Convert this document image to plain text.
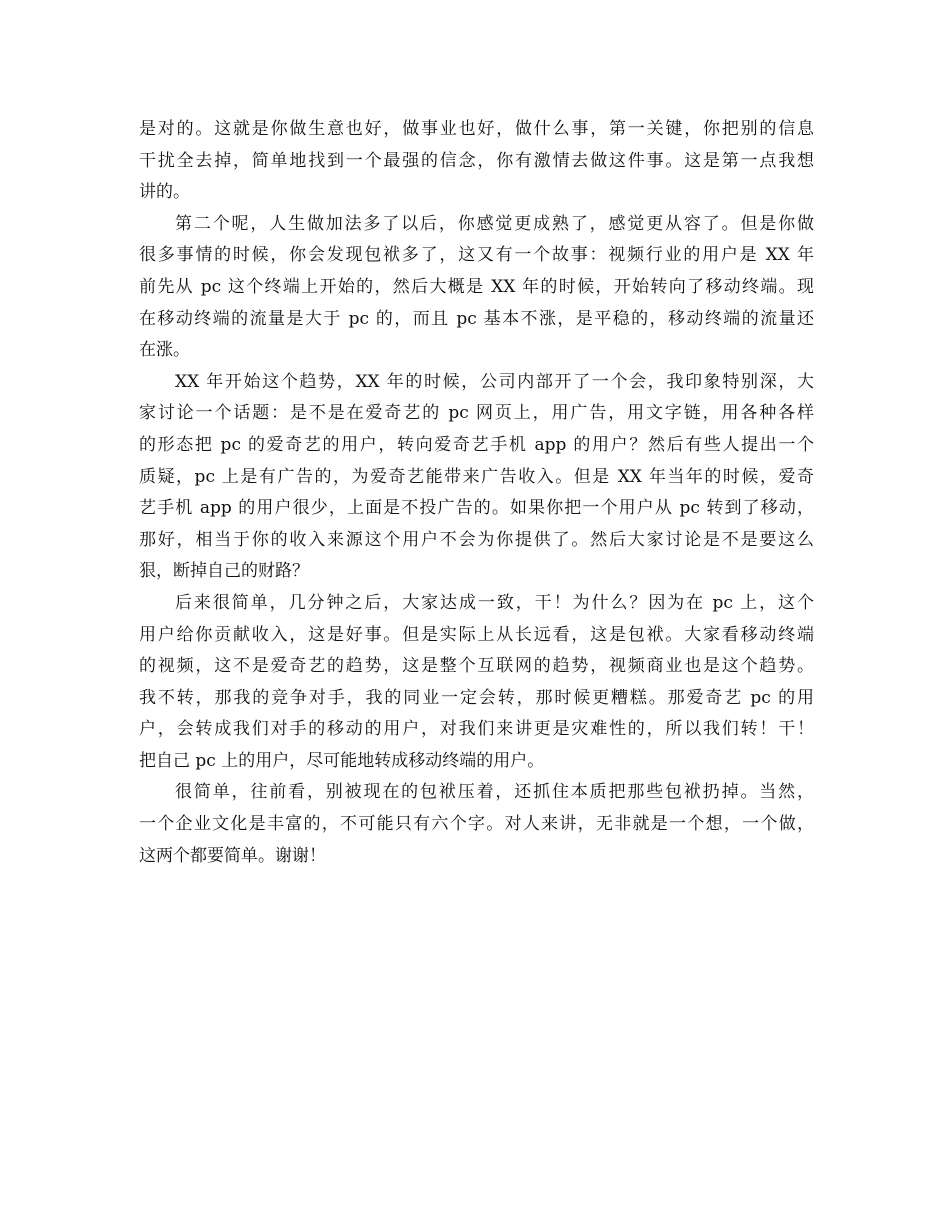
是对的。这就是你做生意也好，做事业也好，做什么事，第一关键，你把别的信息
干扰全去掉，简单地找到一个最强的信念，你有激情去做这件事。这是第一点我想
讲的。
第二个呢，人生做加法多了以后，你感觉更成熟了，感觉更从容了。但是你做
很多事情的时候，你会发现包袱多了，这又有一个故事：视频行业的用户是 XX 年
前先从 pc 这个终端上开始的，然后大概是 XX 年的时候，开始转向了移动终端。现
在移动终端的流量是大于 pc 的，而且 pc 基本不涨，是平稳的，移动终端的流量还
在涨。
XX 年开始这个趋势，XX 年的时候，公司内部开了一个会，我印象特别深，大
家讨论一个话题：是不是在爱奇艺的 pc 网页上，用广告，用文字链，用各种各样
的形态把 pc 的爱奇艺的用户，转向爱奇艺手机 app 的用户？然后有些人提出一个
质疑，pc 上是有广告的，为爱奇艺能带来广告收入。但是 XX 年当年的时候，爱奇
艺手机 app 的用户很少，上面是不投广告的。如果你把一个用户从 pc 转到了移动，
那好，相当于你的收入来源这个用户不会为你提供了。然后大家讨论是不是要这么
狠，断掉自己的财路？
后来很简单，几分钟之后，大家达成一致，干！为什么？因为在 pc 上，这个
用户给你贡献收入，这是好事。但是实际上从长远看，这是包袱。大家看移动终端
的视频，这不是爱奇艺的趋势，这是整个互联网的趋势，视频商业也是这个趋势。
我不转，那我的竞争对手，我的同业一定会转，那时候更糟糕。那爱奇艺 pc 的用
户，会转成我们对手的移动的用户，对我们来讲更是灾难性的，所以我们转！干！
把自己 pc 上的用户，尽可能地转成移动终端的用户。
很简单，往前看，别被现在的包袱压着，还抓住本质把那些包袱扔掉。当然，
一个企业文化是丰富的，不可能只有六个字。对人来讲，无非就是一个想，一个做，
这两个都要简单。谢谢！
